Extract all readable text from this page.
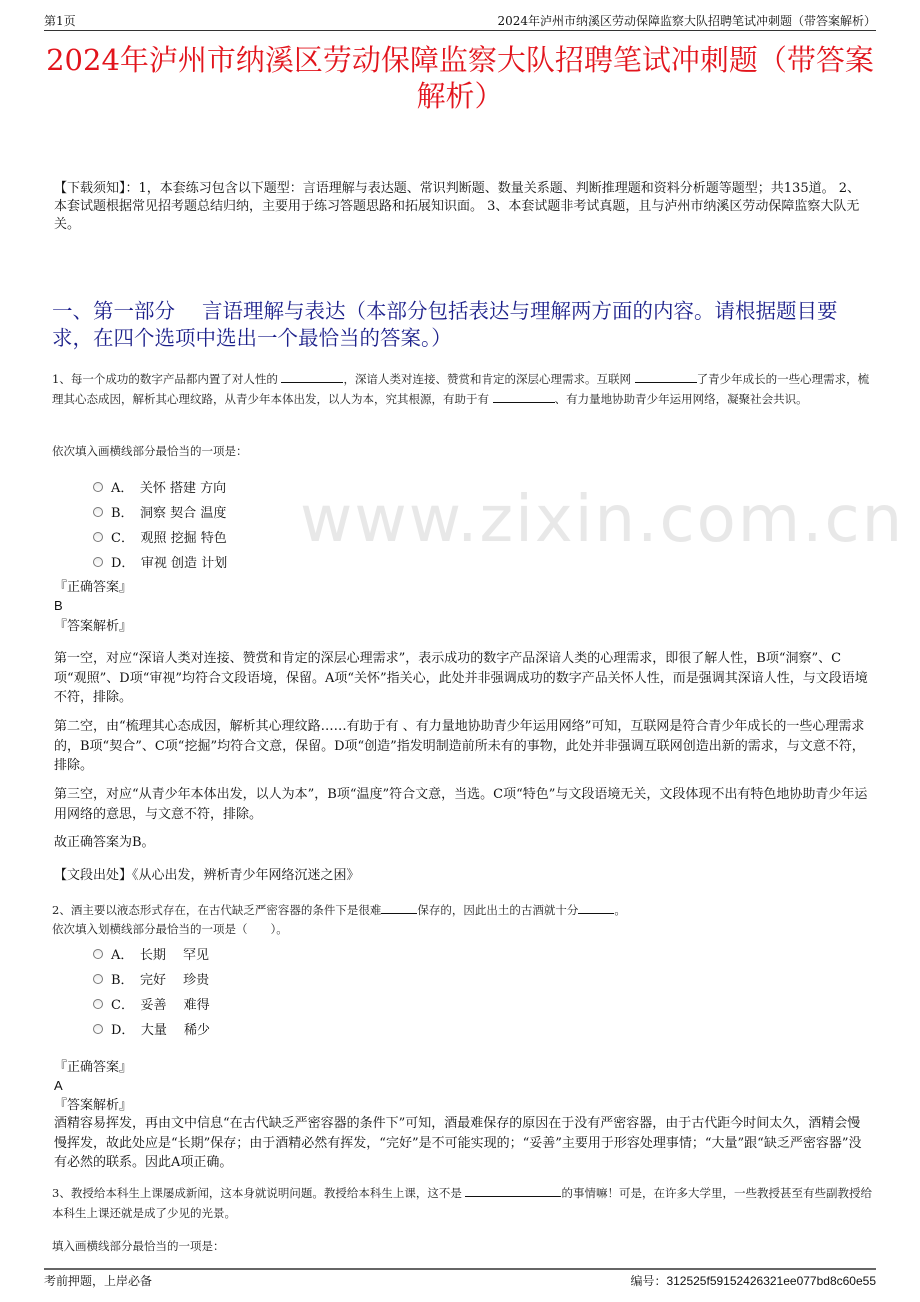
第1页	2024年泸州市纳溪区劳动保障监察大队招聘笔试冲刺题（带答案解析）
2024年泸州市纳溪区劳动保障监察大队招聘笔试冲刺题（带答案解析）
【下载须知】：1，本套练习包含以下题型：言语理解与表达题、常识判断题、数量关系题、判断推理题和资料分析题等题型；共135道。 2、本套试题根据常见招考题总结归纳，主要用于练习答题思路和拓展知识面。 3、本套试题非考试真题，且与泸州市纳溪区劳动保障监察大队无关。
一、第一部分　 言语理解与表达（本部分包括表达与理解两方面的内容。请根据题目要求，在四个选项中选出一个最恰当的答案。）
www.zixin.com.cn
1、每一个成功的数字产品都内置了对人性的	，深谙人类对连接、赞赏和肯定的深层心理需求。互联网	了青少年成长的一些心理需求，梳理其心态成因，解析其心理纹路，从青少年本体出发，以人为本，究其根源，有助于有	、有力量地协助青少年运用网络，凝聚社会共识。
依次填入画横线部分最恰当的一项是：
A．　关怀 搭建 方向
B．　洞察 契合 温度
C．　观照 挖掘 特色
D．　审视 创造 计划
『正确答案』
B
『答案解析』
第一空，对应“深谙人类对连接、赞赏和肯定的深层心理需求”，表示成功的数字产品深谙人类的心理需求，即很了解人性，B项“洞察”、C项“观照”、D项“审视”均符合文段语境，保留。A项“关怀”指关心，此处并非强调成功的数字产品关怀人性，而是强调其深谙人性，与文段语境不符，排除。
第二空，由“梳理其心态成因，解析其心理纹路……有助于有 、有力量地协助青少年运用网络”可知，互联网是符合青少年成长的一些心理需求的，B项“契合”、C项“挖掘”均符合文意，保留。D项“创造”指发明制造前所未有的事物，此处并非强调互联网创造出新的需求，与文意不符，排除。
第三空，对应“从青少年本体出发，以人为本”，B项“温度”符合文意，当选。C项“特色”与文段语境无关，文段体现不出有特色地协助青少年运用网络的意思，与文意不符，排除。
故正确答案为B。
【文段出处】《从心出发，辨析青少年网络沉迷之困》
2、酒主要以液态形式存在，在古代缺乏严密容器的条件下是很难	保存的，因此出土的古酒就十分	。
依次填入划横线部分最恰当的一项是（　　）。
A．　长期　 罕见
B．　完好　 珍贵
C．　妥善　 难得
D．　大量　 稀少
『正确答案』
A
『答案解析』
酒精容易挥发，再由文中信息“在古代缺乏严密容器的条件下”可知，酒最难保存的原因在于没有严密容器，由于古代距今时间太久，酒精会慢慢挥发，故此处应是“长期”保存；由于酒精必然有挥发，“完好”是不可能实现的；“妥善”主要用于形容处理事情；“大量”跟“缺乏严密容器”没有必然的联系。因此A项正确。
3、教授给本科生上课屡成新闻，这本身就说明问题。教授给本科生上课，这不是	的事情嘛！可是，在许多大学里，一些教授甚至有些副教授给本科生上课还就是成了少见的光景。
填入画横线部分最恰当的一项是：
考前押题，上岸必备	编号：312525f59152426321ee077bd8c60e55
